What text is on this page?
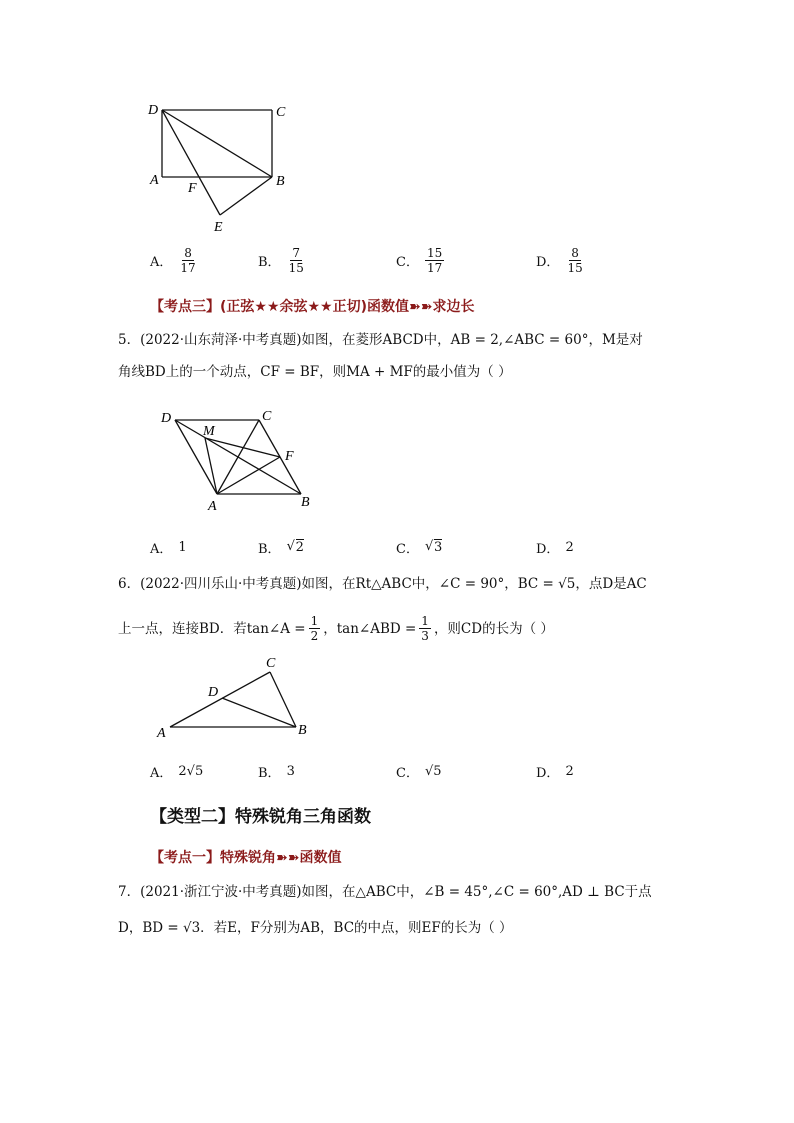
D	C
A	B
F
E
A． $\frac{8}{17}$	B． $\frac{7}{15}$	C． $\frac{15}{17}$	D． $\frac{8}{15}$
【考点三】(正弦★★余弦★★正切)函数值➽➽求边长
5．(2022·山东菏泽·中考真题)如图，在菱形ABCD中，AB = 2,∠ABC = 60°，M是对
角线BD上的一个动点，CF = BF，则MA + MF的最小值为（ ）
D	C
M
F
A	B
A． 1	B．	√ 2	C．	√ 3	D． 2
6．(2022·四川乐山·中考真题)如图，在Rt△ABC中，∠C = 90°，BC = √5，点D是AC
上一点，连接BD．若tan∠A = $\frac{1}{2}$ ，tan∠ABD = $\frac{1}{3}$ ，则CD的长为（ ）
C
D
A	B
A． 2√5	B． 3	C． √5	D． 2
【类型二】特殊锐角三角函数
【考点一】特殊锐角➽➽函数值
7．(2021·浙江宁波·中考真题)如图，在△ABC中，∠B = 45°,∠C = 60°,AD ⊥ BC于点
D，BD = √3．若E，F分别为AB，BC的中点，则EF的长为（ ）
